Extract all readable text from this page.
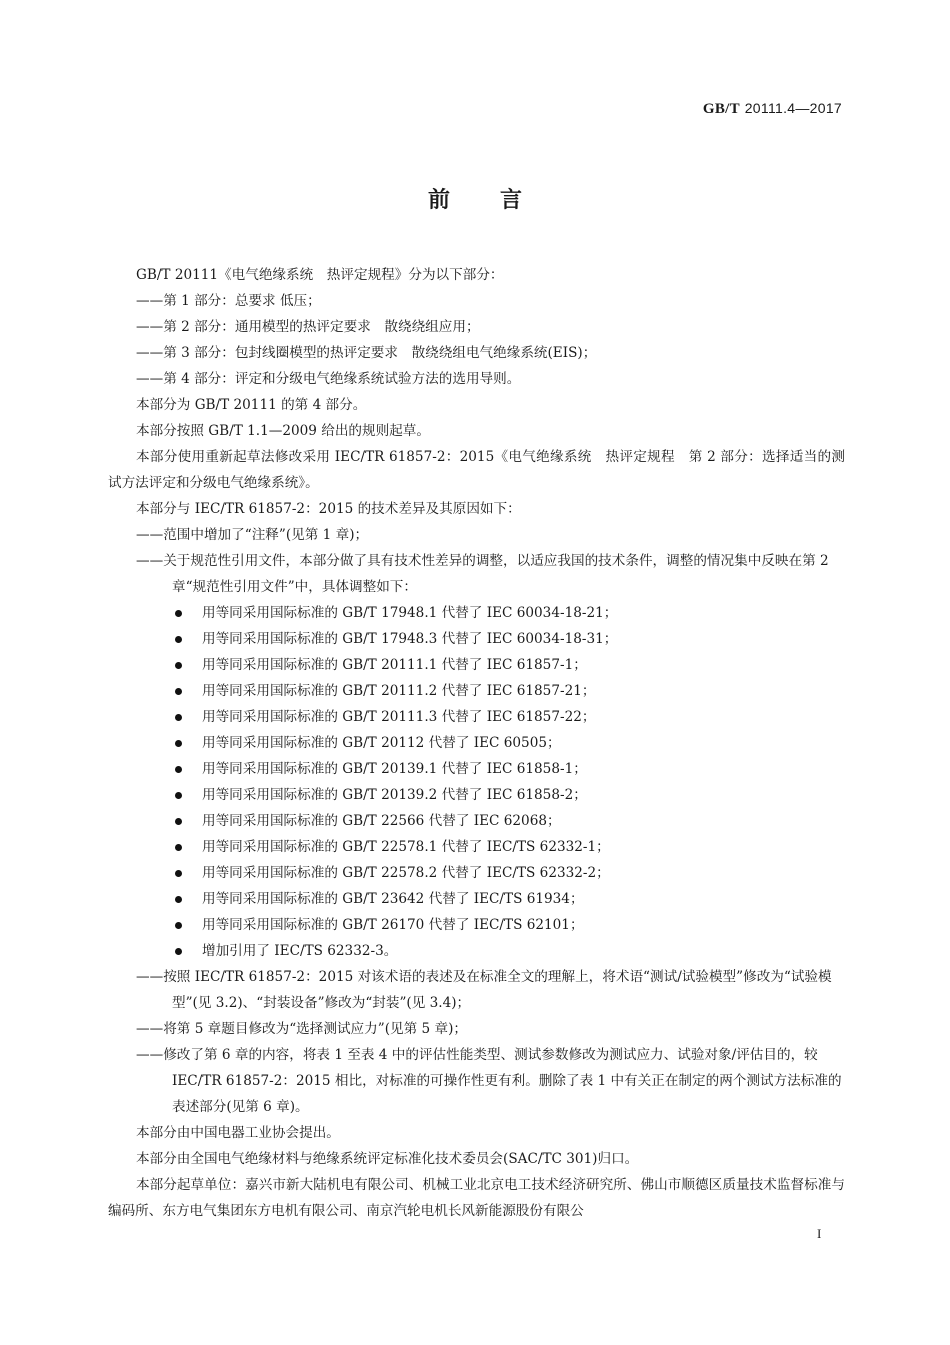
GB/T 20111.4—2017
前 言

GB/T 20111《电气绝缘系统　热评定规程》分为以下部分：

——第 1 部分：总要求 低压；

——第 2 部分：通用模型的热评定要求　散绕绕组应用；

——第 3 部分：包封线圈模型的热评定要求　散绕绕组电气绝缘系统(EIS)；

——第 4 部分：评定和分级电气绝缘系统试验方法的选用导则。

本部分为 GB/T 20111 的第 4 部分。

本部分按照 GB/T 1.1—2009 给出的规则起草。

本部分使用重新起草法修改采用 IEC/TR 61857-2：2015《电气绝缘系统　热评定规程　第 2 部分：选择适当的测试方法评定和分级电气绝缘系统》。

本部分与 IEC/TR 61857-2：2015 的技术差异及其原因如下：

——范围中增加了“注释”(见第 1 章)；

——关于规范性引用文件，本部分做了具有技术性差异的调整，以适应我国的技术条件，调整的情况集中反映在第 2 章“规范性引用文件”中，具体调整如下：

用等同采用国际标准的 GB/T 17948.1 代替了 IEC 60034-18-21；
用等同采用国际标准的 GB/T 17948.3 代替了 IEC 60034-18-31；
用等同采用国际标准的 GB/T 20111.1 代替了 IEC 61857-1；
用等同采用国际标准的 GB/T 20111.2 代替了 IEC 61857-21；
用等同采用国际标准的 GB/T 20111.3 代替了 IEC 61857-22；
用等同采用国际标准的 GB/T 20112 代替了 IEC 60505；
用等同采用国际标准的 GB/T 20139.1 代替了 IEC 61858-1；
用等同采用国际标准的 GB/T 20139.2 代替了 IEC 61858-2；
用等同采用国际标准的 GB/T 22566 代替了 IEC 62068；
用等同采用国际标准的 GB/T 22578.1 代替了 IEC/TS 62332-1；
用等同采用国际标准的 GB/T 22578.2 代替了 IEC/TS 62332-2；
用等同采用国际标准的 GB/T 23642 代替了 IEC/TS 61934；
用等同采用国际标准的 GB/T 26170 代替了 IEC/TS 62101；
增加引用了 IEC/TS 62332-3。

——按照 IEC/TR 61857-2：2015 对该术语的表述及在标准全文的理解上，将术语“测试/试验模型”修改为“试验模型”(见 3.2)、“封装设备”修改为“封装”(见 3.4)；

——将第 5 章题目修改为“选择测试应力”(见第 5 章)；

——修改了第 6 章的内容，将表 1 至表 4 中的评估性能类型、测试参数修改为测试应力、试验对象/评估目的，较 IEC/TR 61857-2：2015 相比，对标准的可操作性更有利。删除了表 1 中有关正在制定的两个测试方法标准的表述部分(见第 6 章)。

本部分由中国电器工业协会提出。

本部分由全国电气绝缘材料与绝缘系统评定标准化技术委员会(SAC/TC 301)归口。

本部分起草单位：嘉兴市新大陆机电有限公司、机械工业北京电工技术经济研究所、佛山市顺德区质量技术监督标准与编码所、东方电气集团东方电机有限公司、南京汽轮电机长风新能源股份有限公

I
